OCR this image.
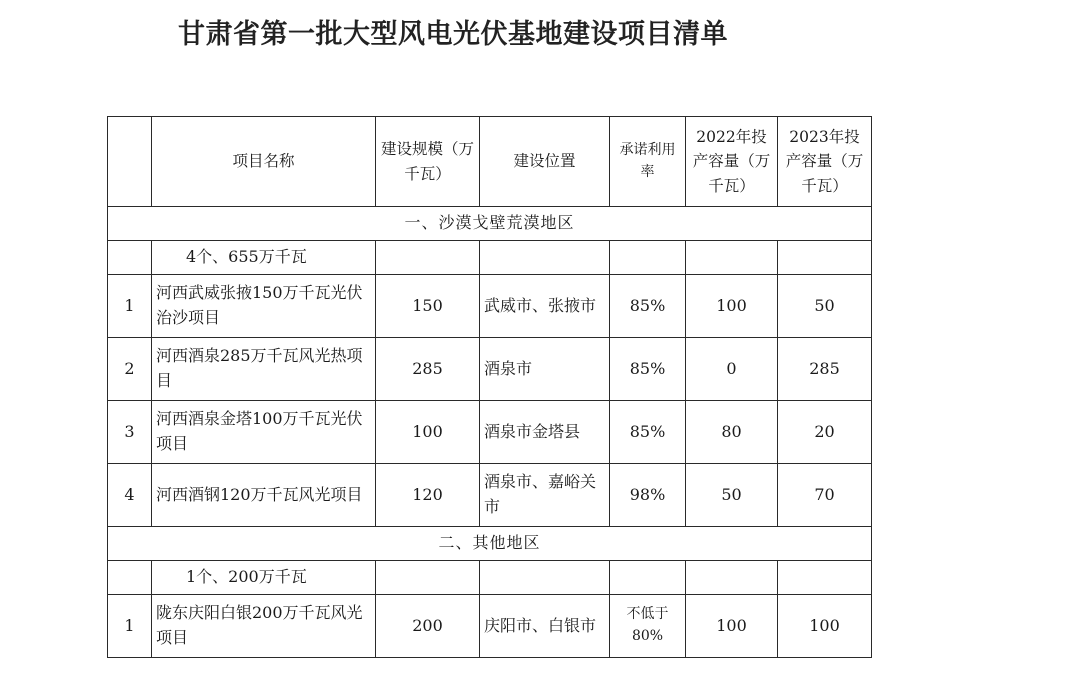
甘肃省第一批大型风电光伏基地建设项目清单
	项目名称	建设规模（万千瓦）	建设位置	承诺利用率	2022年投产容量（万千瓦）	2023年投产容量（万千瓦）
一、沙漠戈壁荒漠地区						
	4个、655万千瓦					
1	河西武威张掖150万千瓦光伏治沙项目	150	武威市、张掖市	85%	100	50
2	河西酒泉285万千瓦风光热项目	285	酒泉市	85%	0	285
3	河西酒泉金塔100万千瓦光伏项目	100	酒泉市金塔县	85%	80	20
4	河西酒钢120万千瓦风光项目	120	酒泉市、嘉峪关市	98%	50	70
二、其他地区						
	1个、200万千瓦					
1	陇东庆阳白银200万千瓦风光项目	200	庆阳市、白银市	不低于80%	100	100
